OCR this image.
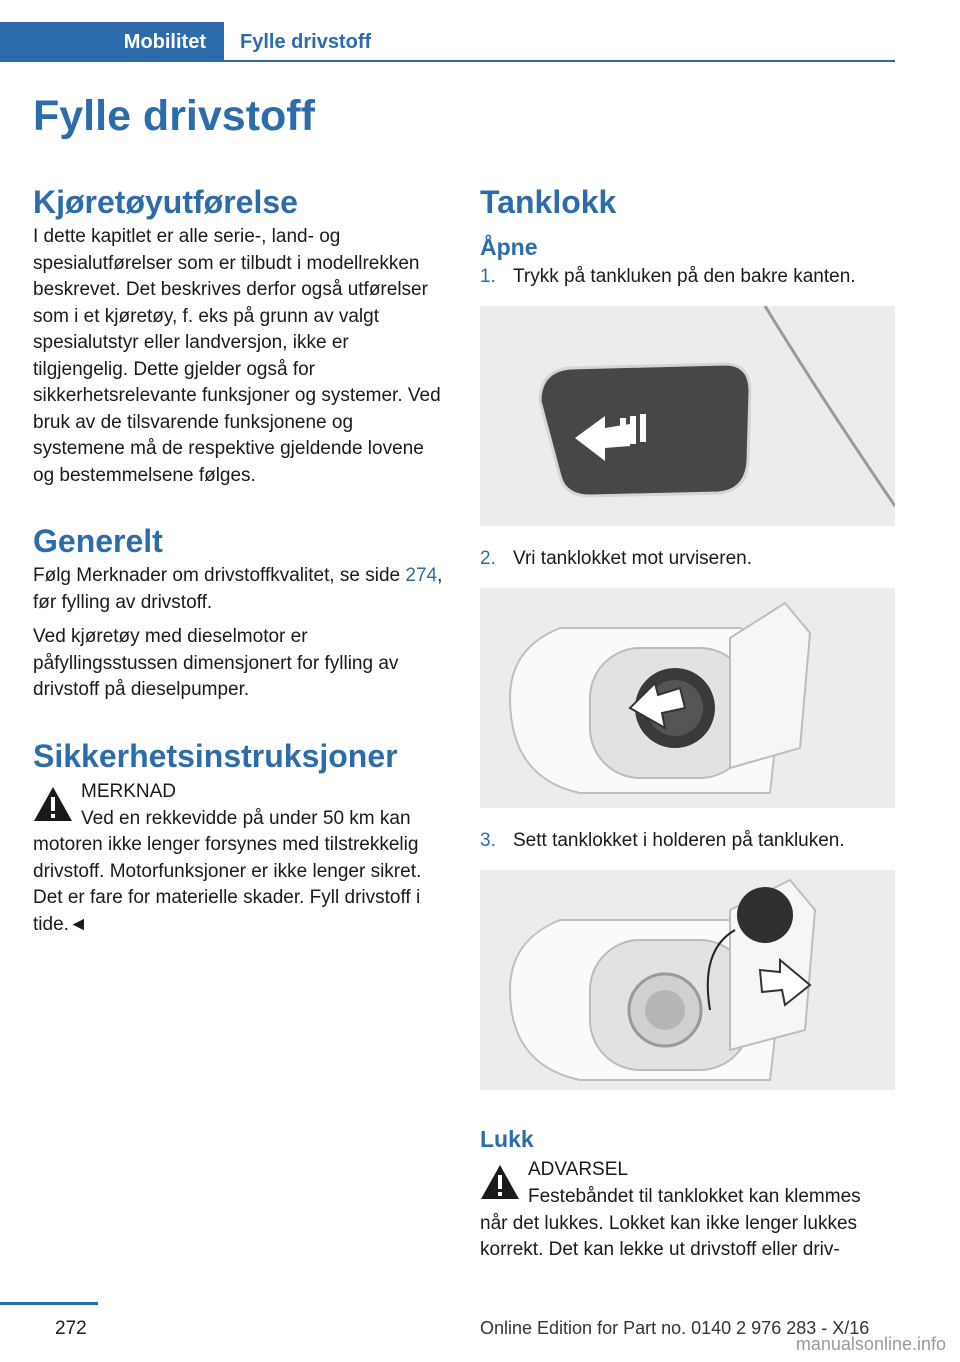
Mobilitet	Fylle drivstoff
Fylle drivstoff
Kjøretøyutførelse

I dette kapitlet er alle serie-, land- og spesialutførelser som er tilbudt i modellrekken beskrevet. Det beskrives derfor også utførelser som i et kjøretøy, f. eks på grunn av valgt spesialutstyr eller landversjon, ikke er tilgjengelig. Dette gjelder også for sikkerhetsrelevante funksjoner og systemer. Ved bruk av de tilsvarende funksjonene og systemene må de respektive gjeldende lovene og bestemmelsene følges.

Generelt

Følg Merknader om drivstoffkvalitet, se side 274, før fylling av drivstoff.

Ved kjøretøy med dieselmotor er påfyllingsstussen dimensjonert for fylling av drivstoff på dieselpumper.

Sikkerhetsinstruksjoner
MERKNAD
Ved en rekkevidde på under 50 km kan
motoren ikke lenger forsynes med tilstrekkelig drivstoff. Motorfunksjoner er ikke lenger sikret. Det er fare for materielle skader. Fyll drivstoff i tide.◄
Tanklokk
Åpne
1. Trykk på tankluken på den bakre kanten.
2. Vri tanklokket mot urviseren.
3. Sett tanklokket i holderen på tankluken.
Lukk
ADVARSEL
Festebåndet til tanklokket kan klemmes
når det lukkes. Lokket kan ikke lenger lukkes korrekt. Det kan lekke ut drivstoff eller driv-
272	Online Edition for Part no. 0140 2 976 283 - X/16
manualsonline.info
